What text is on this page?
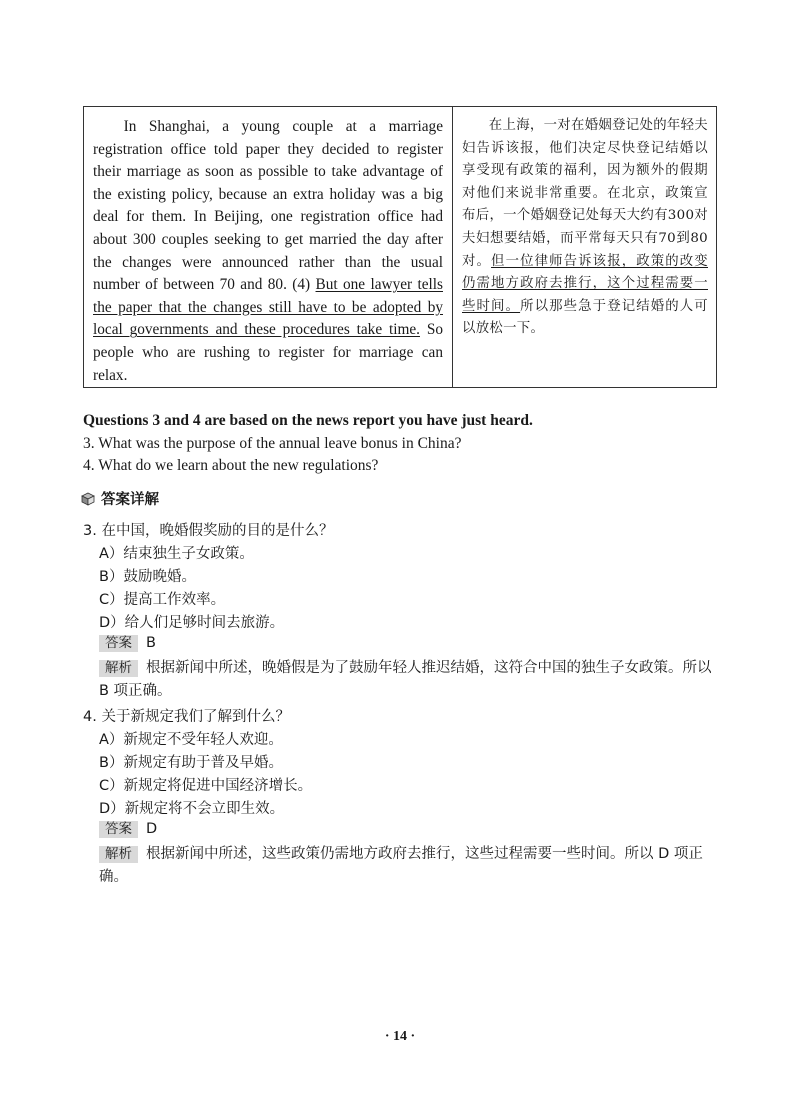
In Shanghai, a young couple at a marriage registration office told paper they decided to register their marriage as soon as possible to take advantage of the existing policy, because an extra holiday was a big deal for them. In Beijing, one registration office had about 300 couples seeking to get married the day after the changes were announced rather than the usual number of between 70 and 80. (4) But one lawyer tells the paper that the changes still have to be adopted by local governments and these procedures take time. So people who are rushing to register for marriage can relax.
在上海，一对在婚姻登记处的年轻夫妇告诉该报，他们决定尽快登记结婚以享受现有政策的福利，因为额外的假期对他们来说非常重要。在北京，政策宣布后，一个婚姻登记处每天大约有300对夫妇想要结婚，而平常每天只有70到80对。但一位律师告诉该报，政策的改变仍需地方政府去推行，这个过程需要一些时间。所以那些急于登记结婚的人可以放松一下。
Questions 3 and 4 are based on the news report you have just heard.
3. What was the purpose of the annual leave bonus in China?
4. What do we learn about the new regulations?
答案详解
3. 在中国，晚婚假奖励的目的是什么？
A）结束独生子女政策。
B）鼓励晚婚。
C）提高工作效率。
D）给人们足够时间去旅游。
答案 B
解析 根据新闻中所述，晚婚假是为了鼓励年轻人推迟结婚，这符合中国的独生子女政策。所以 B 项正确。
4. 关于新规定我们了解到什么？
A）新规定不受年轻人欢迎。
B）新规定有助于普及早婚。
C）新规定将促进中国经济增长。
D）新规定将不会立即生效。
答案 D
解析 根据新闻中所述，这些政策仍需地方政府去推行，这些过程需要一些时间。所以 D 项正确。
· 14 ·
